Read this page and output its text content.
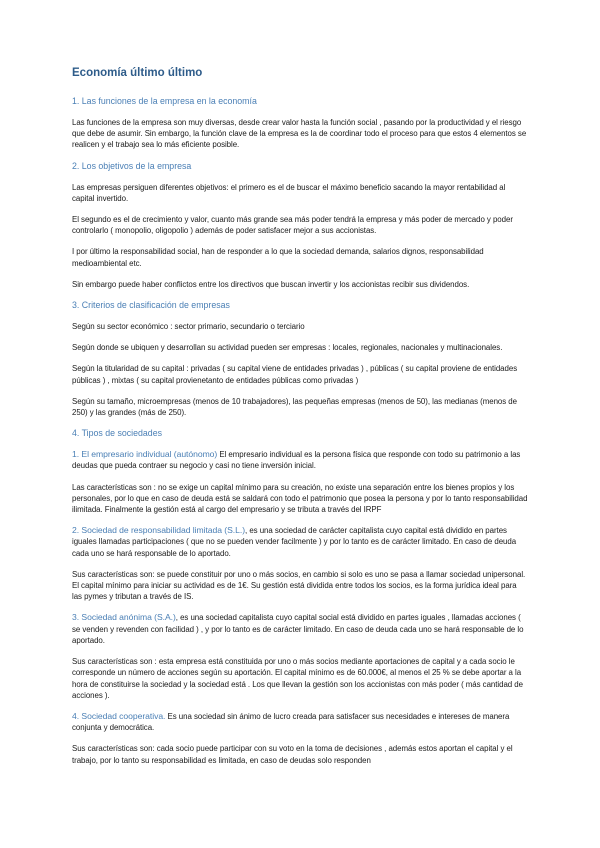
Economía último último
1. Las funciones de la empresa en la economía

Las funciones de la empresa son muy diversas, desde crear valor hasta la función social , pasando por la productividad y el riesgo que debe de asumir. Sin embargo, la función clave de la empresa es la de coordinar todo el proceso para que estos 4 elementos se realicen y el trabajo sea lo más eficiente posible.

2. Los objetivos de la empresa

Las empresas persiguen diferentes objetivos: el primero es el de buscar el máximo beneficio sacando la mayor rentabilidad al capital invertido.

El segundo es el de crecimiento y valor, cuanto más grande sea más poder tendrá la empresa y más poder de mercado y poder controlarlo ( monopolio, oligopolio ) además de poder satisfacer mejor a sus accionistas.

I por último la responsabilidad social, han de responder a lo que la sociedad demanda, salarios dignos, responsabilidad medioambiental etc.

Sin embargo puede haber conflictos entre los directivos que buscan invertir y los accionistas recibir sus dividendos.

3. Criterios de clasificación de empresas

Según su sector económico : sector primario, secundario o terciario

Según donde se ubiquen y desarrollan su actividad pueden ser empresas : locales, regionales, nacionales y multinacionales.

Según la titularidad de su capital : privadas ( su capital viene de entidades privadas ) , públicas ( su capital proviene de entidades públicas ) , mixtas ( su capital provienetanto de entidades públicas como privadas )

Según su tamaño, microempresas (menos de 10 trabajadores), las pequeñas empresas (menos de 50), las medianas (menos de 250) y las grandes (más de 250).

4. Tipos de sociedades

1. El empresario individual (autónomo) El empresario individual es la persona física que responde con todo su patrimonio a las deudas que pueda contraer su negocio y casi no tiene inversión inicial.

Las características son : no se exige un capital mínimo para su creación, no existe una separación entre los bienes propios y los personales, por lo que en caso de deuda está se saldará con todo el patrimonio que posea la persona y por lo tanto responsabilidad ilimitada. Finalmente la gestión está al cargo del empresario y se tributa a través del IRPF

2. Sociedad de responsabilidad limitada (S.L.), es una sociedad de carácter capitalista cuyo capital está dividido en partes iguales llamadas participaciones ( que no se pueden vender facilmente ) y por lo tanto es de carácter limitado. En caso de deuda cada uno se hará responsable de lo aportado.

Sus características son: se puede constituir por uno o más socios, en cambio si solo es uno se pasa a llamar sociedad unipersonal. El capital mínimo para iniciar su actividad es de 1€. Su gestión está dividida entre todos los socios, es la forma jurídica ideal para las pymes y tributan a través de IS.

3. Sociedad anónima (S.A.), es una sociedad capitalista cuyo capital social está dividido en partes iguales , llamadas acciones ( se venden y revenden con facilidad ) , y por lo tanto es de carácter limitado. En caso de deuda cada uno se hará responsable de lo aportado.

Sus características son : esta empresa está constituida por uno o más socios mediante aportaciones de capital y a cada socio le corresponde un número de acciones según su aportación. El capital mínimo es de 60.000€, al menos el 25 % se debe aportar a la hora de constituirse la sociedad y la sociedad está . Los que llevan la gestión son los accionistas con más poder ( más cantidad de acciones ).

4. Sociedad cooperativa. Es una sociedad sin ánimo de lucro creada para satisfacer sus necesidades e intereses de manera conjunta y democrática.

Sus características son: cada socio puede participar con su voto en la toma de decisiones , además estos aportan el capital y el trabajo, por lo tanto su responsabilidad es limitada, en caso de deudas solo responden
